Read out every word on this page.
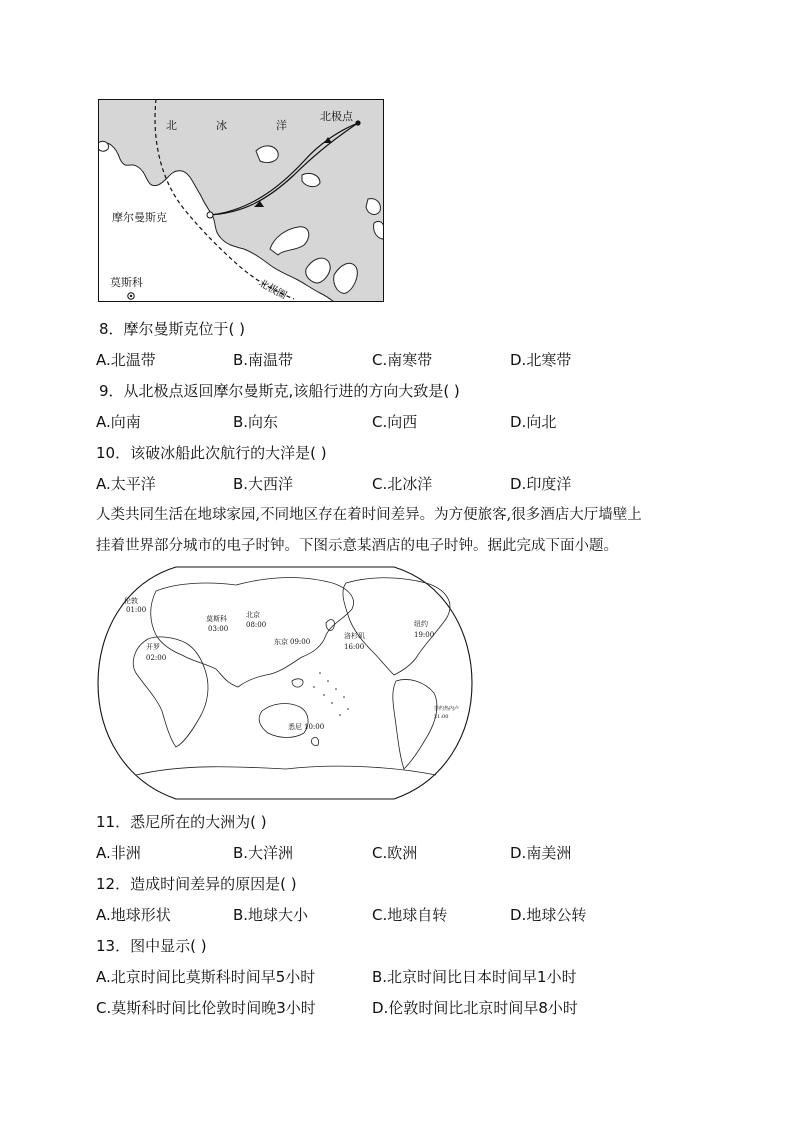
北	冰	洋
北极点
摩尔曼斯克
莫斯科	北极圈
8．摩尔曼斯克位于( )
A.北温带	B.南温带	C.南寒带	D.北寒带
9．从北极点返回摩尔曼斯克,该船行进的方向大致是( )
A.向南	B.向东	C.向西	D.向北
10．该破冰船此次航行的大洋是( )
A.太平洋	B.大西洋	C.北冰洋	D.印度洋
人类共同生活在地球家园,不同地区存在着时间差异。为方便旅客,很多酒店大厅墙壁上
挂着世界部分城市的电子时钟。下图示意某酒店的电子时钟。据此完成下面小题。
伦敦
01:00
莫斯科
03:00
北京
08:00
东京 09:00
洛杉矶
16:00
纽约
19:00
开罗
02:00
悉尼 10:00
里约热内卢
21:00
11．悉尼所在的大洲为( )
A.非洲	B.大洋洲	C.欧洲	D.南美洲
12．造成时间差异的原因是( )
A.地球形状	B.地球大小	C.地球自转	D.地球公转
13．图中显示( )
A.北京时间比莫斯科时间早5小时	B.北京时间比日本时间早1小时
C.莫斯科时间比伦敦时间晚3小时	D.伦敦时间比北京时间早8小时
